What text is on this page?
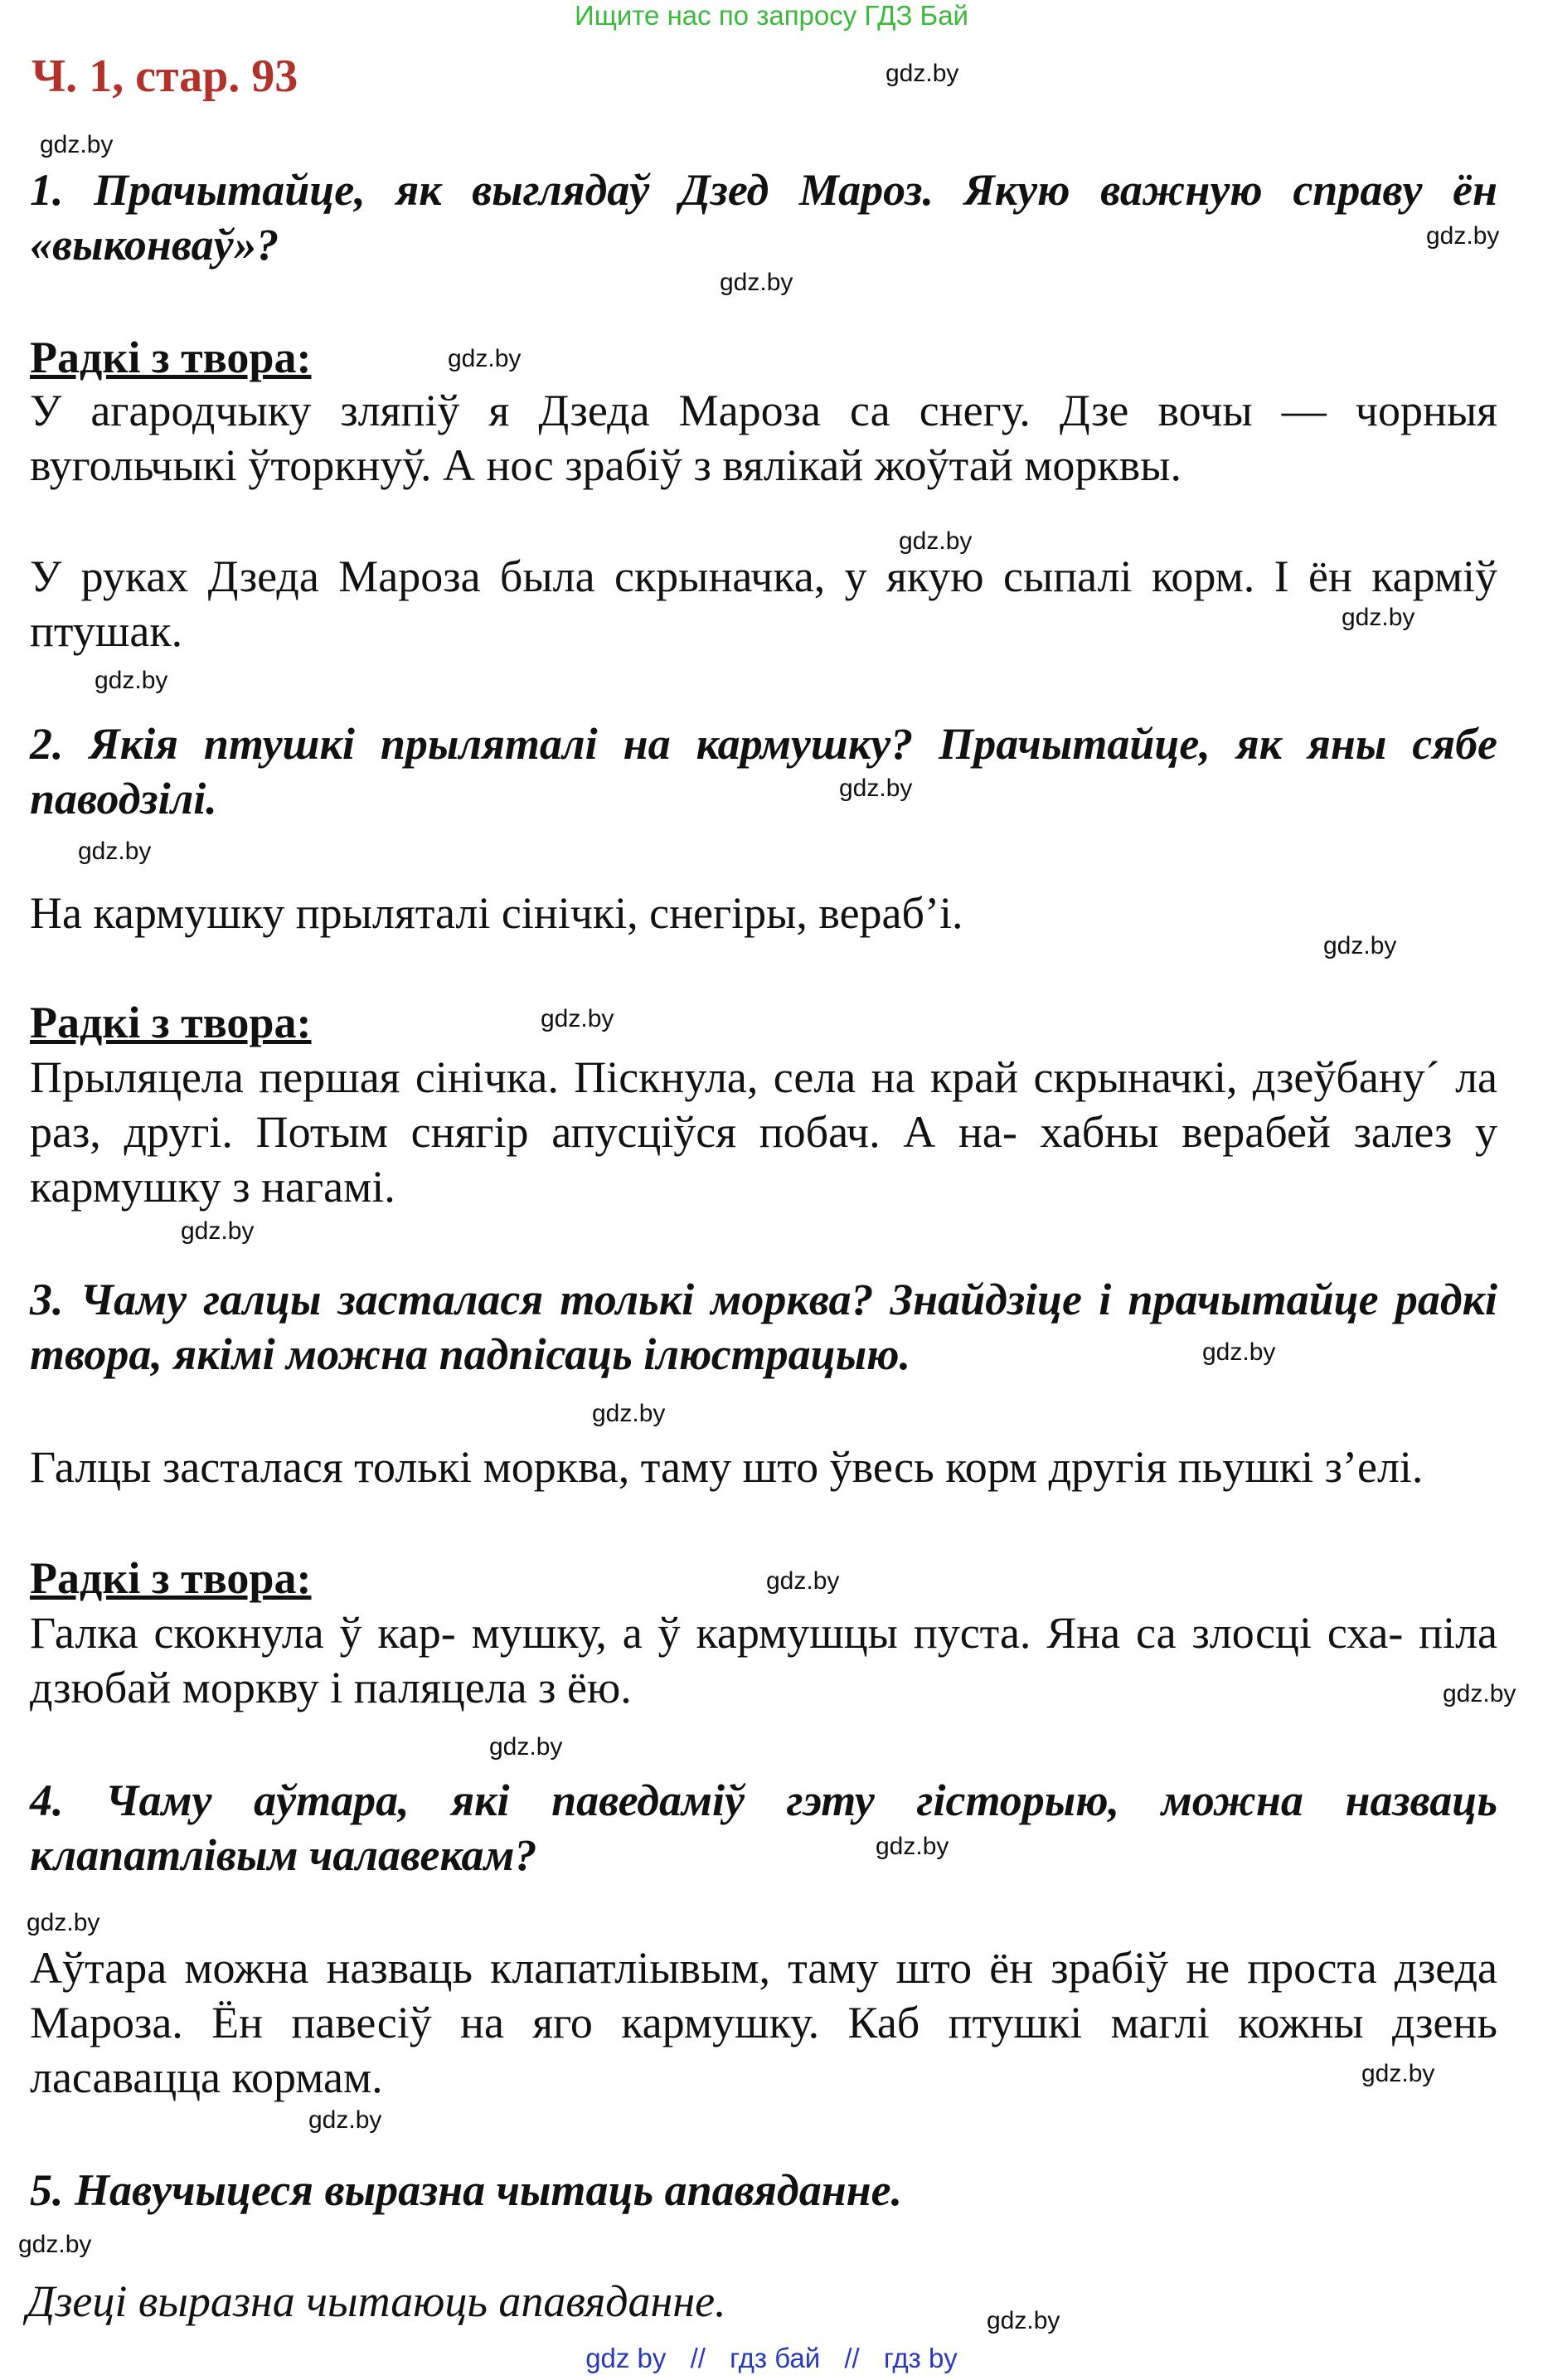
Ищите нас по запросу ГДЗ Бай
Ч. 1, стар. 93	gdz.by
gdz.by
gdz.by
gdz.by
gdz.by
gdz.by
gdz.by
gdz.by
gdz.by
gdz.by
gdz.by
gdz.by
gdz.by
gdz.by
gdz.by
gdz.by
gdz.by
gdz.by
gdz.by
gdz.by
gdz.by
gdz.by
gdz.by
gdz.by
1. Прачытайце, як выглядаў Дзед Мароз. Якую важную справу ён «выконваў»?
Радкі з твора:
У агародчыку зляпіў я Дзеда Мароза са снегу. Дзе вочы — чорныя вугольчыкі ўторкнуў. А нос зрабіў з вялікай жоўтай морквы.
У руках Дзеда Мароза была скрыначка, у якую сыпалі корм. І ён карміў птушак.
2. Якія птушкі прыляталі на кармушку? Прачытайце, як яны сябе паводзілі.
На кармушку прыляталі сінічкі, снегіры, вераб’і.
Радкі з твора:
Прыляцела першая сінічка. Піскнула, села на край скрыначкі, дзеўбану´ ла раз, другі. Потым снягір апусціўся побач. А на- хабны верабей залез у кармушку з нагамі.
3. Чаму галцы засталася толькі морква? Знайдзіце і прачытайце радкі твора, якімі можна падпісаць ілюстрацыю.
Галцы засталася толькі морква, таму што ўвесь корм другія пьушкі з’елі.
Радкі з твора:
Галка скокнула ў кар- мушку, а ў кармушцы пуста. Яна са злосці сха- піла дзюбай моркву і паляцела з ёю.
4. Чаму аўтара, які паведаміў гэту гісторыю, можна назваць клапатлівым чалавекам?
Аўтара можна назваць клапатліывым, таму што ён зрабіў не проста дзеда Мароза. Ён павесіў на яго кармушку. Каб птушкі маглі кожны дзень ласавацца кормам.
5. Навучыцеся выразна чытаць апавяданне.
Дзеці выразна чытаюць апавяданне.
gdz by // гдз бай // гдз by
